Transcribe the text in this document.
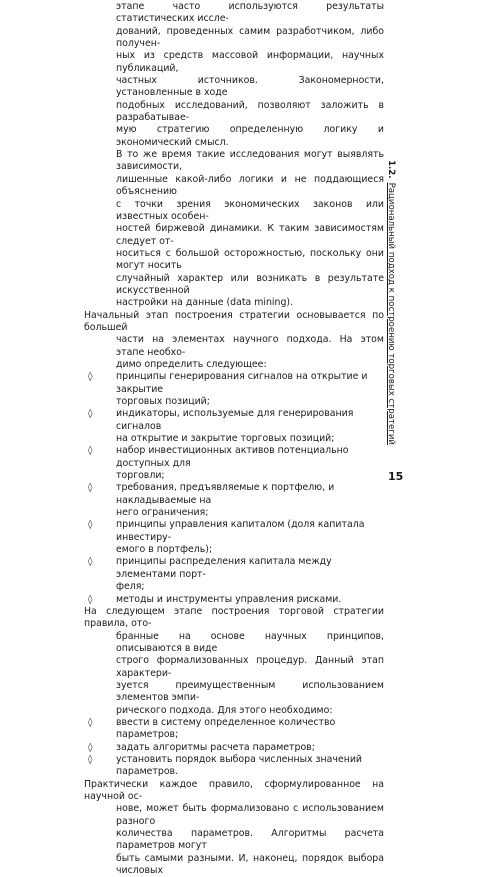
этапе часто используются результаты статистических иссле-
дований, проведенных самим разработчиком, либо получен-
ных из средств массовой информации, научных публикаций,
частных источников. Закономерности, установленные в ходе
подобных исследований, позволяют заложить в разрабатывае-
мую стратегию определенную логику и экономический смысл.
В то же время такие исследования могут выявлять зависимости,
лишенные какой-либо логики и не поддающиеся объяснению
с точки зрения экономических законов или известных особен-
ностей биржевой динамики. К таким зависимостям следует от-
носиться с большой осторожностью, поскольку они могут носить
случайный характер или возникать в результате искусственной
настройки на данные (data mining).
Начальный этап построения стратегии основывается по большей
части на элементах научного подхода. На этом этапе необхо-
димо определить следующее:
◊	принципы генерирования сигналов на открытие и закрытие
торговых позиций;
◊	индикаторы, используемые для генерирования сигналов
на открытие и закрытие торговых позиций;
◊	набор инвестиционных активов потенциально доступных для
торговли;
◊	требования, предъявляемые к портфелю, и накладываемые на
него ограничения;
◊	принципы управления капиталом (доля капитала инвестиру-
емого в портфель);
◊	принципы распределения капитала между элементами порт-
феля;
◊	методы и инструменты управления рисками.
На следующем этапе построения торговой стратегии правила, ото-
бранные на основе научных принципов, описываются в виде
строго формализованных процедур. Данный этап характери-
зуется преимущественным использованием элементов эмпи-
рического подхода. Для этого необходимо:
◊	ввести в систему определенное количество параметров;
◊	задать алгоритмы расчета параметров;
◊	установить порядок выбора численных значений параметров.
Практически каждое правило, сформулированное на научной ос-
нове, может быть формализовано с использованием разного
количества параметров. Алгоритмы расчета параметров могут
быть самыми разными. И, наконец, порядок выбора числовых
1.2.Рациональный подход к построению торговых стратегий
15
